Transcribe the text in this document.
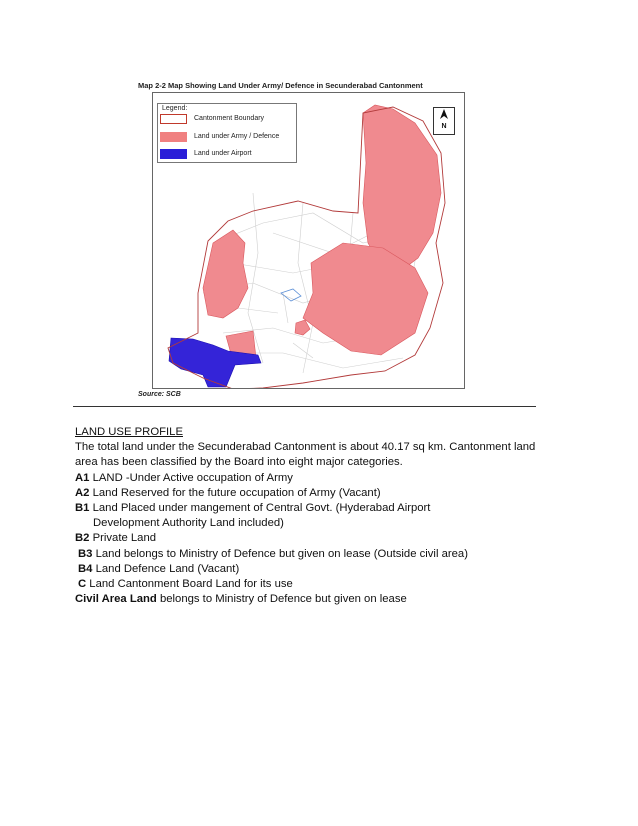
Map 2-2 Map Showing Land Under Army/ Defence in Secunderabad Cantonment
Legend:
Cantonment Boundary
Land under Army / Defence
Land under Airport
N
Source: SCB

LAND USE PROFILE

The total land under the Secunderabad Cantonment is about 40.17 sq km. Cantonment land

area has been classified by the Board into eight major categories.

A1 LAND -Under Active occupation of Army

A2 Land Reserved for the future occupation of Army (Vacant)

B1 Land Placed under mangement of Central Govt. (Hyderabad Airport

Development Authority Land included)

B2 Private Land

B3 Land belongs to Ministry of Defence but given on lease (Outside civil area)

B4 Land Defence Land (Vacant)

C Land Cantonment Board Land for its use

Civil Area Land belongs to Ministry of Defence but given on lease
